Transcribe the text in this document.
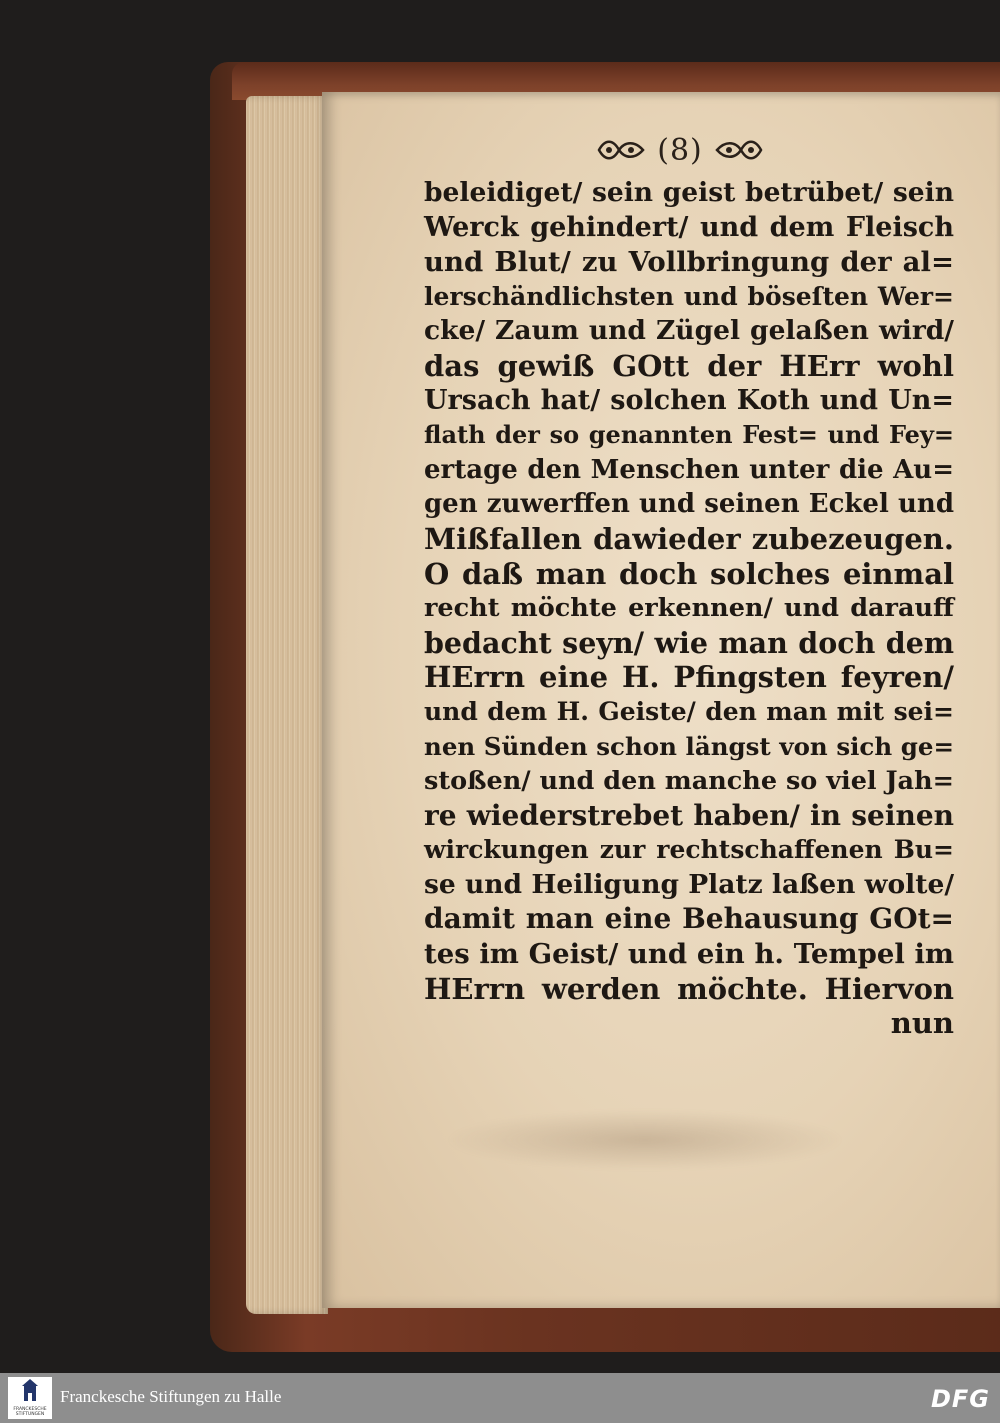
(8)
beleidiget/ sein geist betrübet/ sein
Werck gehindert/ und dem Fleisch
und Blut/ zu Vollbringung der al=
lerschändlichsten und böseſten Wer=
cke/ Zaum und Zügel gelaßen wird/
das gewiß GOtt der HErr wohl
Ursach hat/ solchen Koth und Un=
flath der so genannten Fest= und Fey=
ertage den Menschen unter die Au=
gen zuwerffen und seinen Eckel und
Mißfallen dawieder zubezeugen.
O daß man doch solches einmal
recht möchte erkennen/ und darauff
bedacht seyn/ wie man doch dem
HErrn eine H. Pfingsten feyren/
und dem H. Geiste/ den man mit sei=
nen Sünden schon längst von sich ge=
stoßen/ und den manche so viel Jah=
re wiederstrebet haben/ in seinen
wirckungen zur rechtschaffenen Bu=
se und Heiligung Platz laßen wolte/
damit man eine Behausung GOt=
tes im Geist/ und ein h. Tempel im
HErrn werden möchte. Hiervon
nun
FRANCKESCHE STIFTUNGEN
Franckesche Stiftungen zu Halle	DFG
